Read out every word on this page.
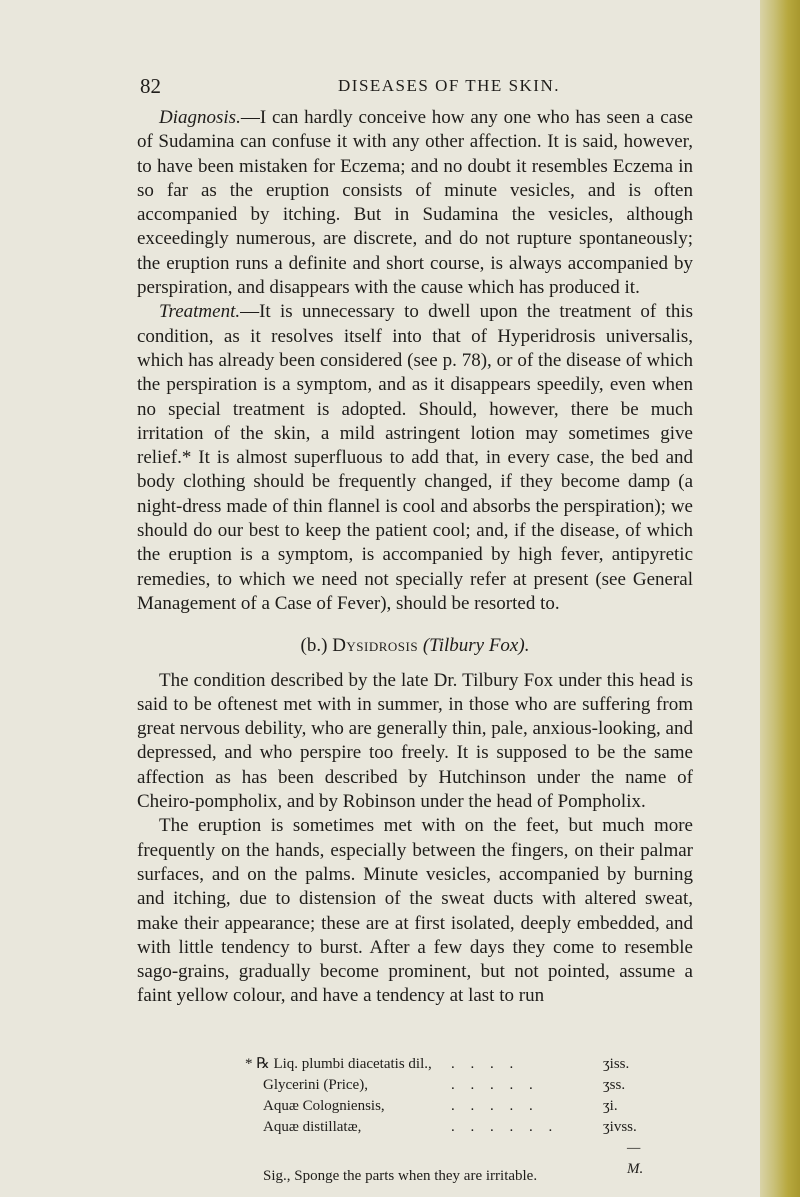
82	DISEASES OF THE SKIN.

Diagnosis.—I can hardly conceive how any one who has seen a case of Sudamina can confuse it with any other affection. It is said, however, to have been mistaken for Eczema; and no doubt it resembles Eczema in so far as the eruption consists of minute vesicles, and is often accompanied by itching. But in Sudamina the vesicles, although exceedingly numerous, are discrete, and do not rupture spontaneously; the eruption runs a definite and short course, is always accompanied by perspiration, and disappears with the cause which has produced it.

Treatment.—It is unnecessary to dwell upon the treatment of this condition, as it resolves itself into that of Hyperidrosis universalis, which has already been considered (see p. 78), or of the disease of which the perspiration is a symptom, and as it disappears speedily, even when no special treatment is adopted. Should, however, there be much irritation of the skin, a mild astringent lotion may sometimes give relief.* It is almost superfluous to add that, in every case, the bed and body clothing should be frequently changed, if they become damp (a night-dress made of thin flannel is cool and absorbs the perspiration); we should do our best to keep the patient cool; and, if the disease, of which the eruption is a symptom, is accompanied by high fever, antipyretic remedies, to which we need not specially refer at present (see General Management of a Case of Fever), should be resorted to.

(b.) Dysidrosis (Tilbury Fox).

The condition described by the late Dr. Tilbury Fox under this head is said to be oftenest met with in summer, in those who are suffering from great nervous debility, who are generally thin, pale, anxious-looking, and depressed, and who perspire too freely. It is supposed to be the same affection as has been described by Hutchinson under the name of Cheiro-pompholix, and by Robinson under the head of Pompholix.

The eruption is sometimes met with on the feet, but much more frequently on the hands, especially between the fingers, on their palmar surfaces, and on the palms. Minute vesicles, accompanied by burning and itching, due to distension of the sweat ducts with altered sweat, make their appearance; these are at first isolated, deeply embedded, and with little tendency to burst. After a few days they come to resemble sago-grains, gradually become prominent, but not pointed, assume a faint yellow colour, and have a tendency at last to run

* ℞ Liq. plumbi diacetatis dil., . . . .	ʒiss.
Glycerini (Price),	. . . . .	ʒss.
Aquæ Cologniensis,	. . . . .	ʒi.
Aquæ distillatæ,	. . . . . .	ʒivss.
—M.
Sig., Sponge the parts when they are irritable.
